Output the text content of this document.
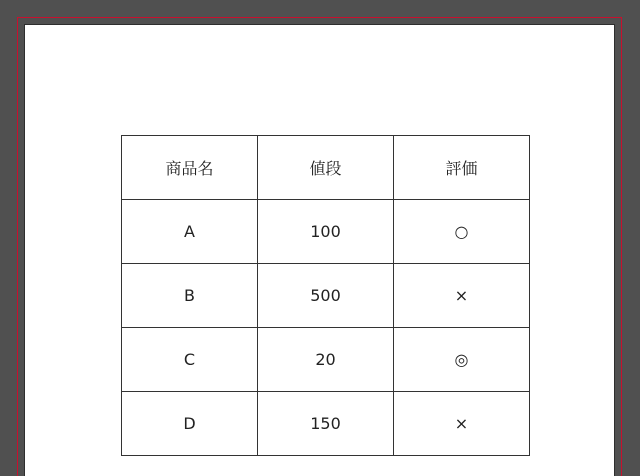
商品名	値段	評価
A	100	○
B	500	×
C	20	◎
D	150	×
